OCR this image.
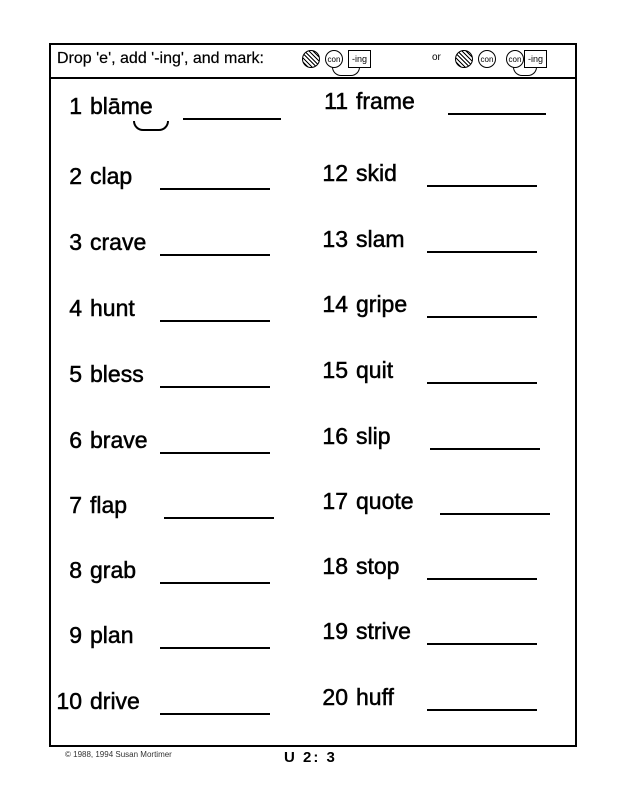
Drop 'e', add '-ing', and mark:	con	-ing	or	con	con -ing
1 blāme
2 clap
3 crave
4 hunt
5 bless
6 brave
7 flap
8 grab
9 plan
10 drive
11 frame
12 skid
13 slam
14 gripe
15 quit
16 slip
17 quote
18 stop
19 strive
20 huff
© 1988, 1994 Susan Mortimer	U 2: 3
